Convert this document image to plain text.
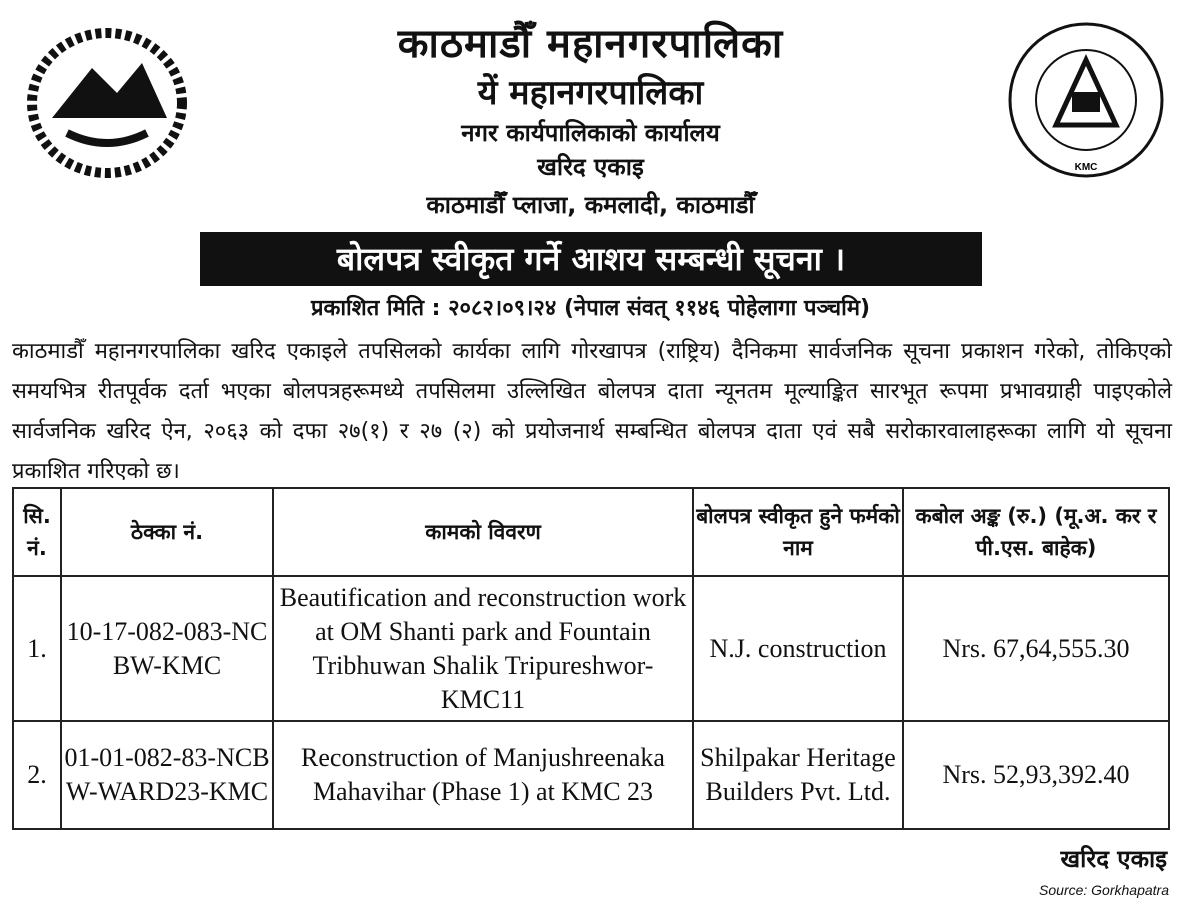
KMC
काठमाडौँ महानगरपालिका
यें महानगरपालिका
नगर कार्यपालिकाको कार्यालय
खरिद एकाइ
काठमाडौँ प्लाजा, कमलादी, काठमाडौँ
बोलपत्र स्वीकृत गर्ने आशय सम्बन्धी सूचना ।
प्रकाशित मिति : २०८२।०९।२४ (नेपाल संवत् ११४६ पोहेलागा पञ्चमि)
काठमाडौँ महानगरपालिका खरिद एकाइले तपसिलको कार्यका लागि गोरखापत्र (राष्ट्रिय) दैनिकमा सार्वजनिक सूचना प्रकाशन गरेको, तोकिएको समयभित्र रीतपूर्वक दर्ता भएका बोलपत्रहरूमध्ये तपसिलमा उल्लिखित बोलपत्र दाता न्यूनतम मूल्याङ्कित सारभूत रूपमा प्रभावग्राही पाइएकोले सार्वजनिक खरिद ऐन, २०६३ को दफा २७(१) र २७ (२) को प्रयोजनार्थ सम्बन्धित बोलपत्र दाता एवं सबै सरोकारवालाहरूका लागि यो सूचना प्रकाशित गरिएको छ।
सि. नं.	ठेक्का नं.	कामको विवरण	बोलपत्र स्वीकृत हुने फर्मको नाम	कबोल अङ्क (रु.) (मू.अ. कर र पी.एस. बाहेक)
1.	10-17-082-083-NCBW-KMC	Beautification and reconstruction work at OM Shanti park and Fountain Tribhuwan Shalik Tripureshwor-KMC11	N.J. construction	Nrs. 67,64,555.30
2.	01-01-082-83-NCBW-WARD23-KMC	Reconstruction of Manjushreenaka Mahavihar (Phase 1) at KMC 23	Shilpakar Heritage Builders Pvt. Ltd.	Nrs. 52,93,392.40
खरिद एकाइ
Source: Gorkhapatra
